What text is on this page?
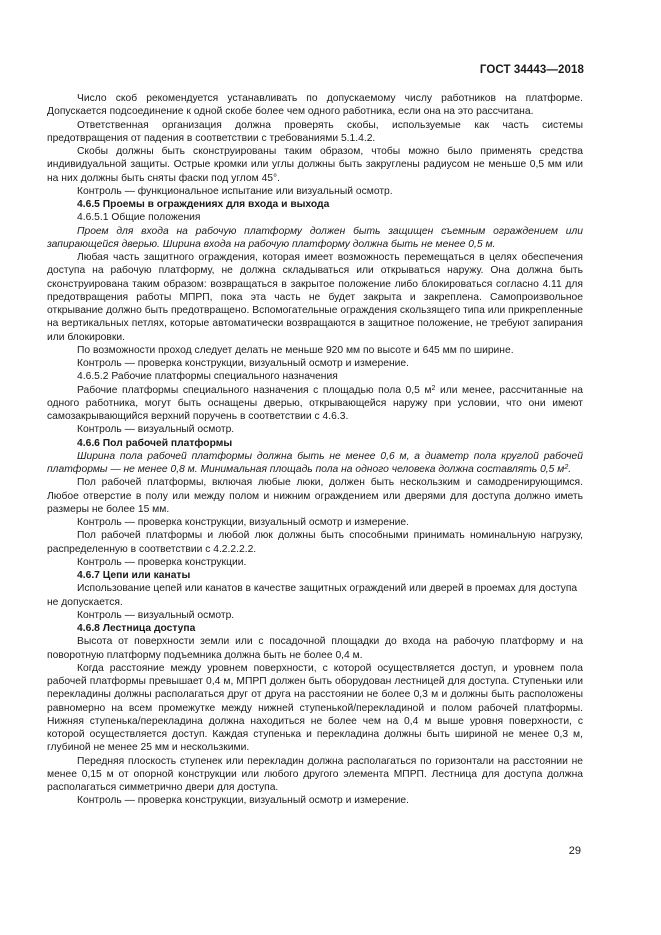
ГОСТ 34443—2018

Число скоб рекомендуется устанавливать по допускаемому числу работников на платформе. Допускается подсоединение к одной скобе более чем одного работника, если она на это рассчитана.

Ответственная организация должна проверять скобы, используемые как часть системы предотвращения от падения в соответствии с требованиями 5.1.4.2.

Скобы должны быть сконструированы таким образом, чтобы можно было применять средства индивидуальной защиты. Острые кромки или углы должны быть закруглены радиусом не меньше 0,5 мм или на них должны быть сняты фаски под углом 45°.

Контроль — функциональное испытание или визуальный осмотр.

4.6.5 Проемы в ограждениях для входа и выхода

4.6.5.1 Общие положения

Проем для входа на рабочую платформу должен быть защищен съемным ограждением или запирающейся дверью. Ширина входа на рабочую платформу должна быть не менее 0,5 м.

Любая часть защитного ограждения, которая имеет возможность перемещаться в целях обеспечения доступа на рабочую платформу, не должна складываться или открываться наружу. Она должна быть сконструирована таким образом: возвращаться в закрытое положение либо блокироваться согласно 4.11 для предотвращения работы МПРП, пока эта часть не будет закрыта и закреплена. Самопроизвольное открывание должно быть предотвращено. Вспомогательные ограждения скользящего типа или прикрепленные на вертикальных петлях, которые автоматически возвращаются в защитное положение, не требуют запирания или блокировки.

По возможности проход следует делать не меньше 920 мм по высоте и 645 мм по ширине.

Контроль — проверка конструкции, визуальный осмотр и измерение.

4.6.5.2 Рабочие платформы специального назначения

Рабочие платформы специального назначения с площадью пола 0,5 $м^2$ или менее, рассчитанные на одного работника, могут быть оснащены дверью, открывающейся наружу при условии, что они имеют самозакрывающийся верхний поручень в соответствии с 4.6.3.

Контроль — визуальный осмотр.

4.6.6 Пол рабочей платформы

Ширина пола рабочей платформы должна быть не менее 0,6 м, а диаметр пола круглой рабочей платформы — не менее 0,8 м. Минимальная площадь пола на одного человека должна составлять 0,5 $м^2$.

Пол рабочей платформы, включая любые люки, должен быть нескользким и самодренирующимся. Любое отверстие в полу или между полом и нижним ограждением или дверями для доступа должно иметь размеры не более 15 мм.

Контроль — проверка конструкции, визуальный осмотр и измерение.

Пол рабочей платформы и любой люк должны быть способными принимать номинальную нагрузку, распределенную в соответствии с 4.2.2.2.2.

Контроль — проверка конструкции.

4.6.7 Цепи или канаты

Использование цепей или канатов в качестве защитных ограждений или дверей в проемах для доступа не допускается.

Контроль — визуальный осмотр.

4.6.8 Лестница доступа

Высота от поверхности земли или с посадочной площадки до входа на рабочую платформу и на поворотную платформу подъемника должна быть не более 0,4 м.

Когда расстояние между уровнем поверхности, с которой осуществляется доступ, и уровнем пола рабочей платформы превышает 0,4 м, МПРП должен быть оборудован лестницей для доступа. Ступеньки или перекладины должны располагаться друг от друга на расстоянии не более 0,3 м и должны быть расположены равномерно на всем промежутке между нижней ступенькой/перекладиной и полом рабочей платформы. Нижняя ступенька/перекладина должна находиться не более чем на 0,4 м выше уровня поверхности, с которой осуществляется доступ. Каждая ступенька и перекладина должны быть шириной не менее 0,3 м, глубиной не менее 25 мм и нескользкими.

Передняя плоскость ступенек или перекладин должна располагаться по горизонтали на расстоянии не менее 0,15 м от опорной конструкции или любого другого элемента МПРП. Лестница для доступа должна располагаться симметрично двери для доступа.

Контроль — проверка конструкции, визуальный осмотр и измерение.

29
